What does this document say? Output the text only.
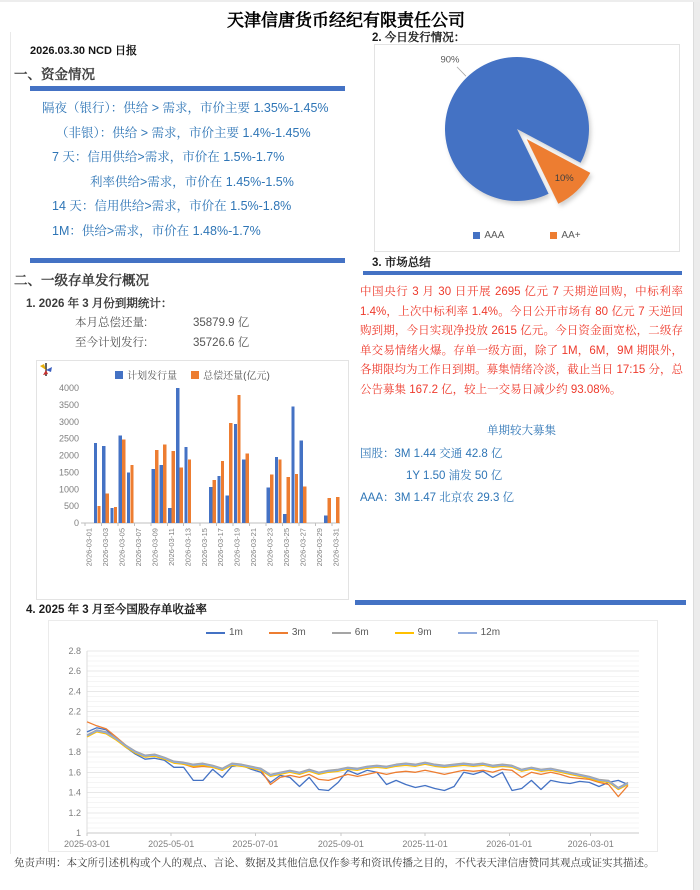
天津信唐货币经纪有限责任公司
2026.03.30 NCD 日报
一、资金情况
隔夜（银行）：供给 > 需求，市价主要 1.35%-1.45%
（非银）：供给 > 需求，市价主要 1.4%-1.45%
7 天：信用供给>需求，市价在 1.5%-1.7%
利率供给>需求，市价在 1.45%-1.5%
14 天：信用供给>需求，市价在 1.5%-1.8%
1M：供给>需求，市价在 1.48%-1.7%
二、一级存单发行概况
1. 2026 年 3 月份到期统计：
本月总偿还量:	35879.9 亿
至今计划发行:	35726.6 亿
计划发行量	总偿还量(亿元)
0
500
1000
1500
2000
2500
3000
3500
4000
2026-03-01 2026-03-03 2026-03-05 2026-03-07 2026-03-09 2026-03-11 2026-03-13 2026-03-15 2026-03-17 2026-03-19 2026-03-21 2026-03-23 2026-03-25 2026-03-27 2026-03-29 2026-03-31
2. 今日发行情况：
90%
10%
AAA	AA+
3. 市场总结
中国央行 3 月 30 日开展 2695 亿元 7 天期逆回购，中标利率 1.4%，上次中标利率 1.4%。今日公开市场有 80 亿元 7 天逆回购到期，今日实现净投放 2615 亿元。今日资金面宽松，二级存单交易情绪火爆。存单一级方面，除了 1M，6M，9M 期限外，各期限均为工作日到期。募集情绪冷淡，截止当日 17:15 分，总公告募集 167.2 亿，较上一交易日减少约 93.08%。
单期较大募集
国股：3M 1.44 交通 42.8 亿
1Y 1.50 浦发 50 亿
AAA：3M 1.47 北京农 29.3 亿
4. 2025 年 3 月至今国股存单收益率
1m	3m	6m	9m	12m
1
1.2
1.4
1.6
1.8
2
2.2
2.4
2.6
2.8
2025-03-01	2025-05-01	2025-07-01	2025-09-01	2025-11-01	2026-01-01	2026-03-01
免责声明：本文所引述机构或个人的观点、言论、数据及其他信息仅作参考和资讯传播之目的，不代表天津信唐赞同其观点或证实其描述。
